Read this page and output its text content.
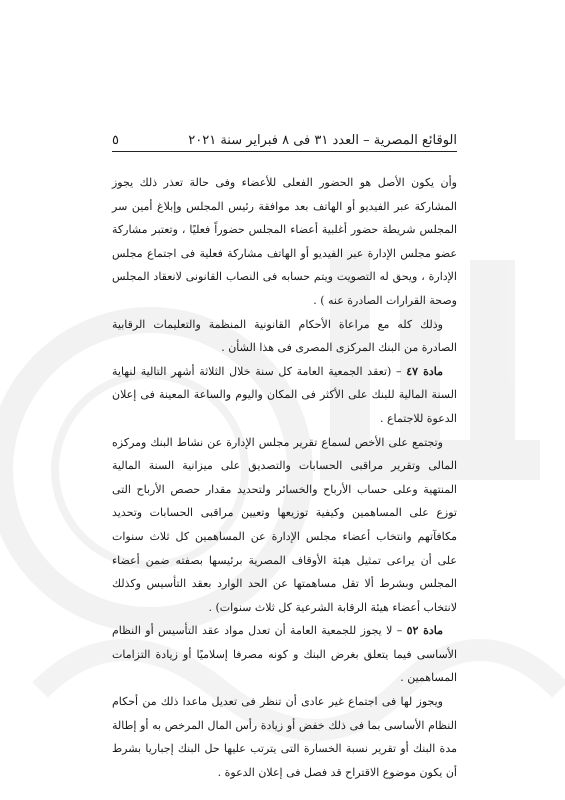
الوقائع المصرية – العدد ٣١ فى ٨ فبراير سنة ٢٠٢١
٥

وأن يكون الأصل هو الحضور الفعلى للأعضاء وفى حالة تعذر ذلك يجوز المشاركة عبر الفيديو أو الهاتف بعد موافقة رئيس المجلس وإبلاغ أمين سر المجلس شريطة حضور أغلبية أعضاء المجلس حضوراً فعليًا ، وتعتبر مشاركة عضو مجلس الإدارة عبر الفيديو أو الهاتف مشاركة فعلية فى اجتماع مجلس الإدارة ، ويحق له التصويت ويتم حسابه فى النصاب القانونى لانعقاد المجلس وصحة القرارات الصادرة عنه ) .

وذلك كله مع مراعاة الأحكام القانونية المنظمة والتعليمات الرقابية الصادرة من البنك المركزى المصرى فى هذا الشأن .

مادة ٤٧ – (تعقد الجمعية العامة كل سنة خلال الثلاثة أشهر التالية لنهاية السنة المالية للبنك على الأكثر فى المكان واليوم والساعة المعينة فى إعلان الدعوة للاجتماع .

وتجتمع على الأخص لسماع تقرير مجلس الإدارة عن نشاط البنك ومركزه المالى وتقرير مراقبى الحسابات والتصديق على ميزانية السنة المالية المنتهية وعلى حساب الأرباح والخسائر ولتحديد مقدار حصص الأرباح التى توزع على المساهمين وكيفية توزيعها وتعيين مراقبى الحسابات وتحديد مكافآتهم وانتخاب أعضاء مجلس الإدارة عن المساهمين كل ثلاث سنوات على أن يراعى تمثيل هيئة الأوقاف المصرية برئيسها بصفته ضمن أعضاء المجلس وبشرط ألا تقل مساهمتها عن الحد الوارد بعقد التأسيس وكذلك لانتخاب أعضاء هيئة الرقابة الشرعية كل ثلاث سنوات) .

مادة ٥٢ – لا يجوز للجمعية العامة أن تعدل مواد عقد التأسيس أو النظام الأساسى فيما يتعلق بغرض البنك و كونه مصرفا إسلاميًا أو زيادة التزامات المساهمين .

ويجوز لها فى اجتماع غير عادى أن تنظر فى تعديل ماعدا ذلك من أحكام النظام الأساسى بما فى ذلك خفض أو زيادة رأس المال المرخص به أو إطالة مدة البنك أو تقرير نسبة الخسارة التى يترتب عليها حل البنك إجباريا بشرط أن يكون موضوع الاقتراح قد فصل فى إعلان الدعوة .
